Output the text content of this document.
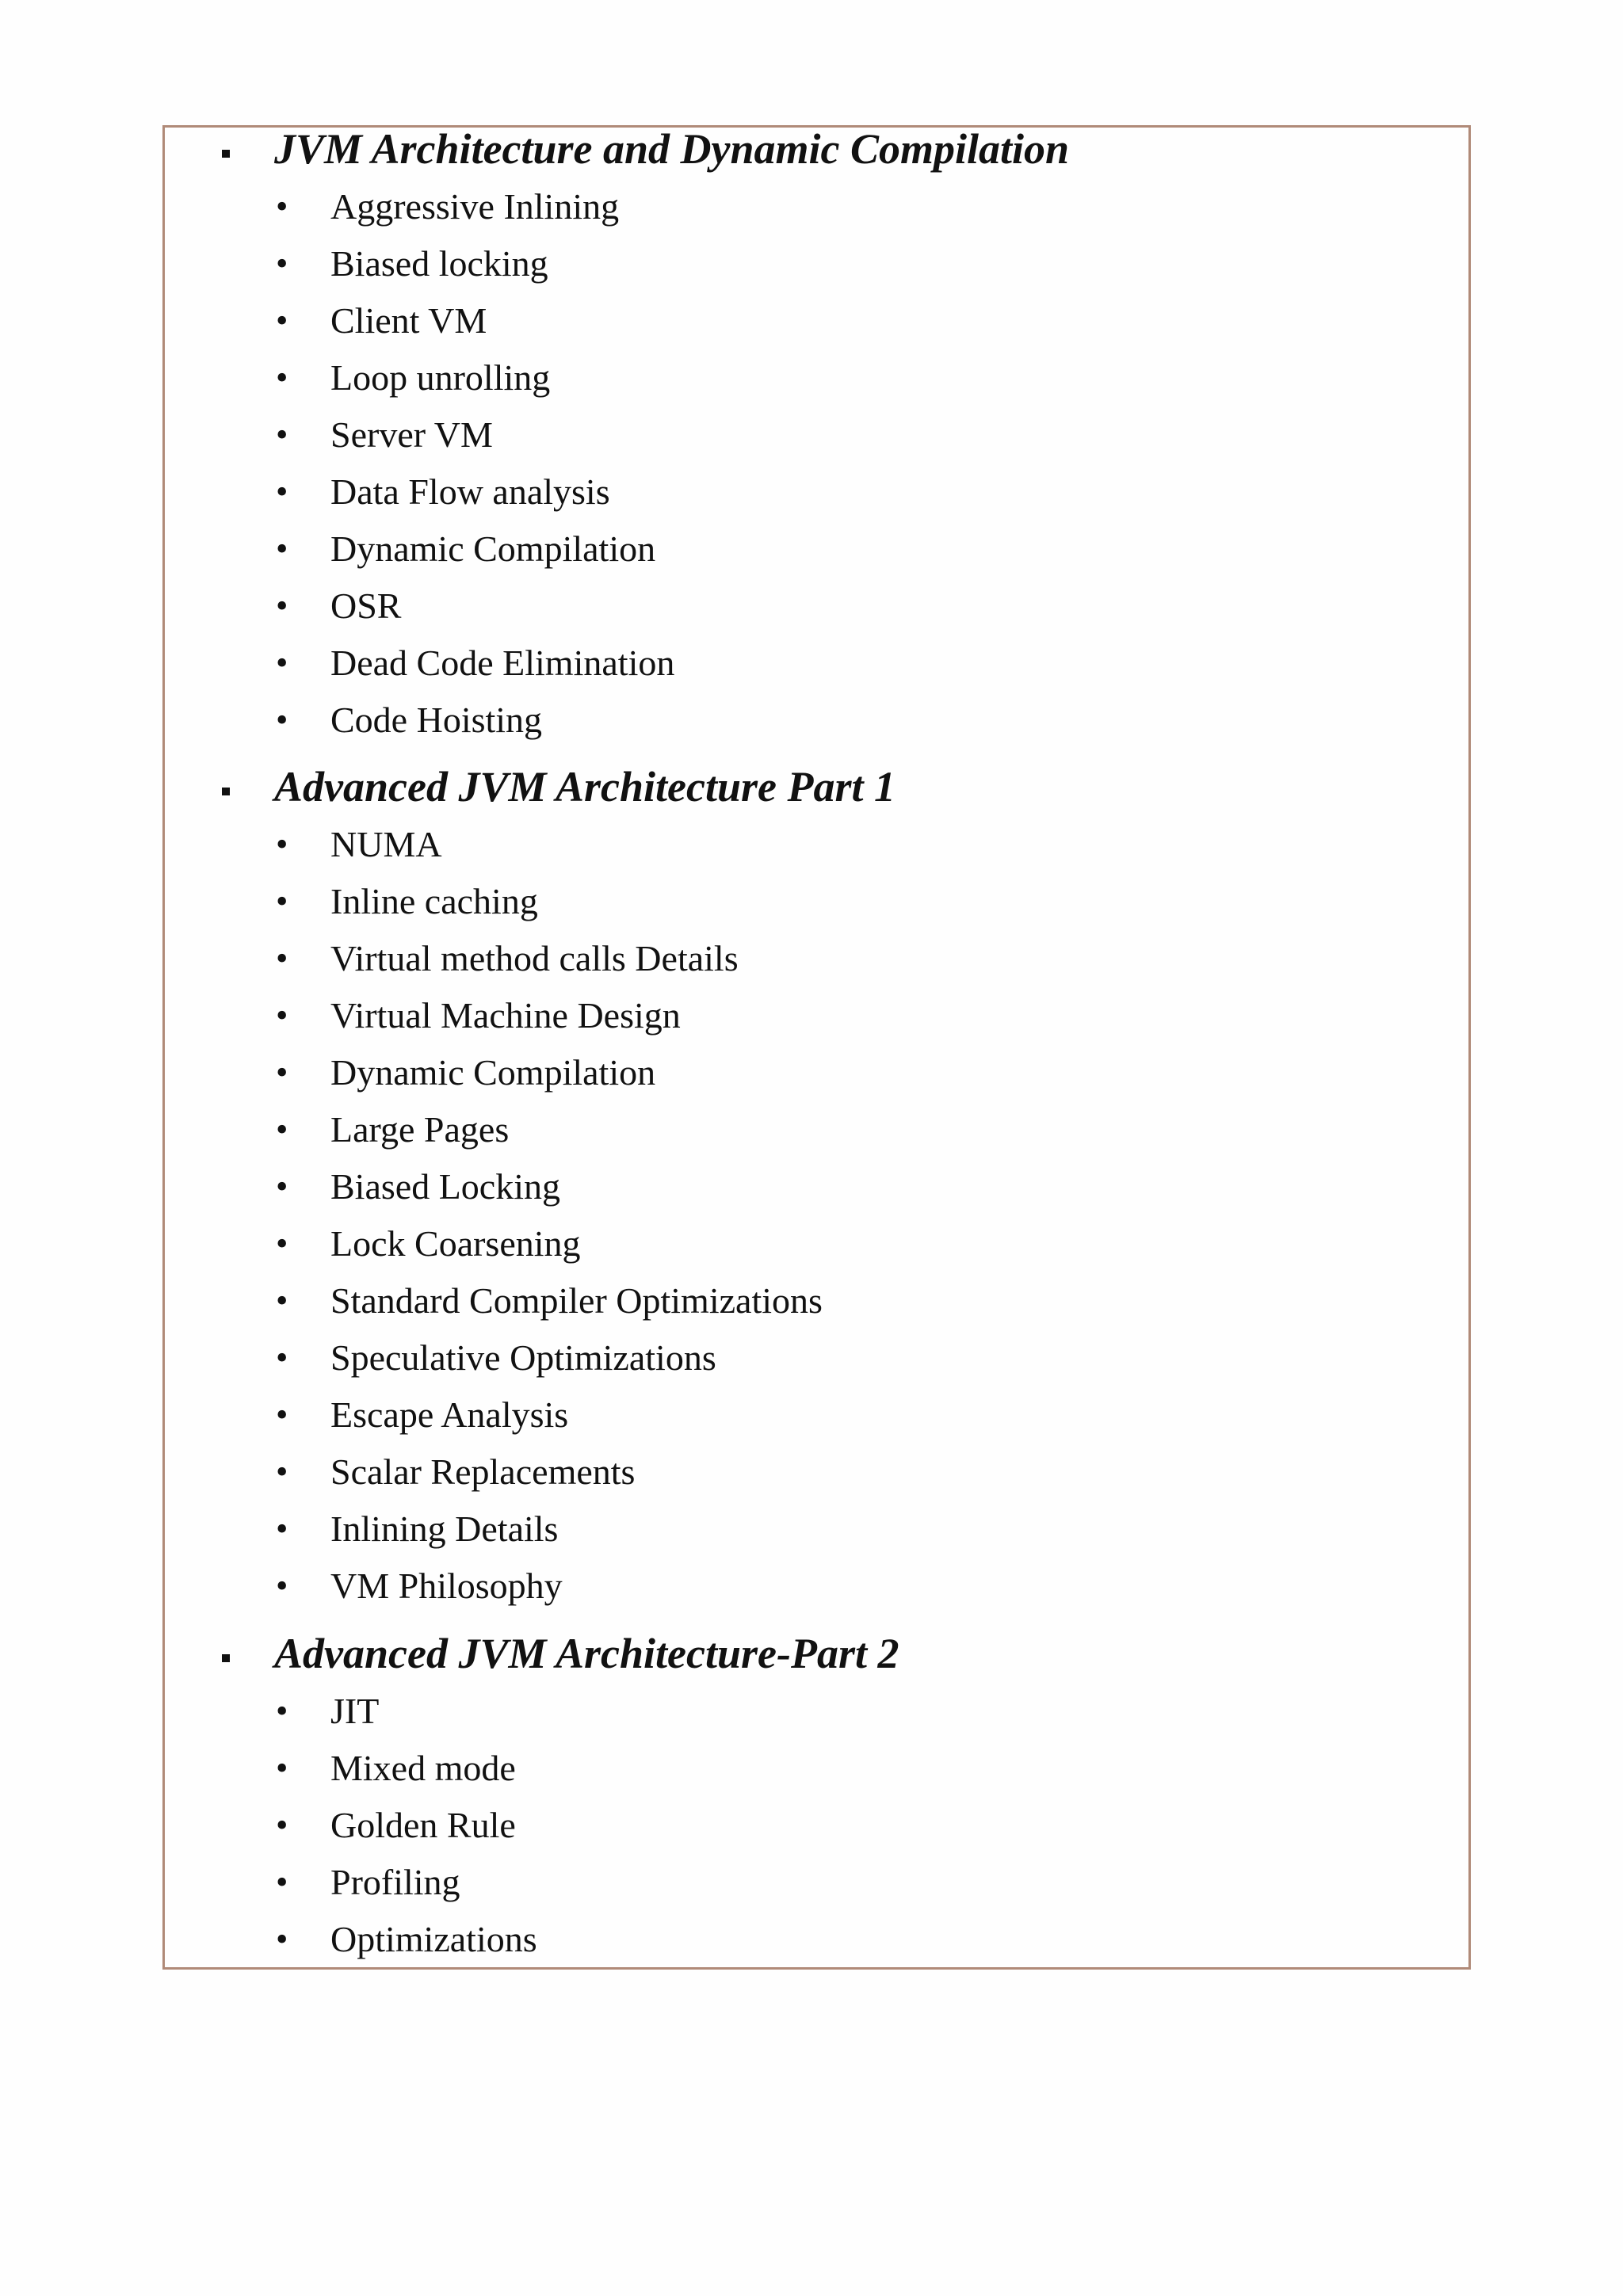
JVM Architecture and Dynamic Compilation
• Aggressive Inlining
• Biased locking
• Client VM
• Loop unrolling
• Server VM
• Data Flow analysis
• Dynamic Compilation
• OSR
• Dead Code Elimination
• Code Hoisting
Advanced JVM Architecture Part 1
• NUMA
• Inline caching
• Virtual method calls Details
• Virtual Machine Design
• Dynamic Compilation
• Large Pages
• Biased Locking
• Lock Coarsening
• Standard Compiler Optimizations
• Speculative Optimizations
• Escape Analysis
• Scalar Replacements
• Inlining Details
• VM Philosophy
Advanced JVM Architecture-Part 2
• JIT
• Mixed mode
• Golden Rule
• Profiling
• Optimizations
